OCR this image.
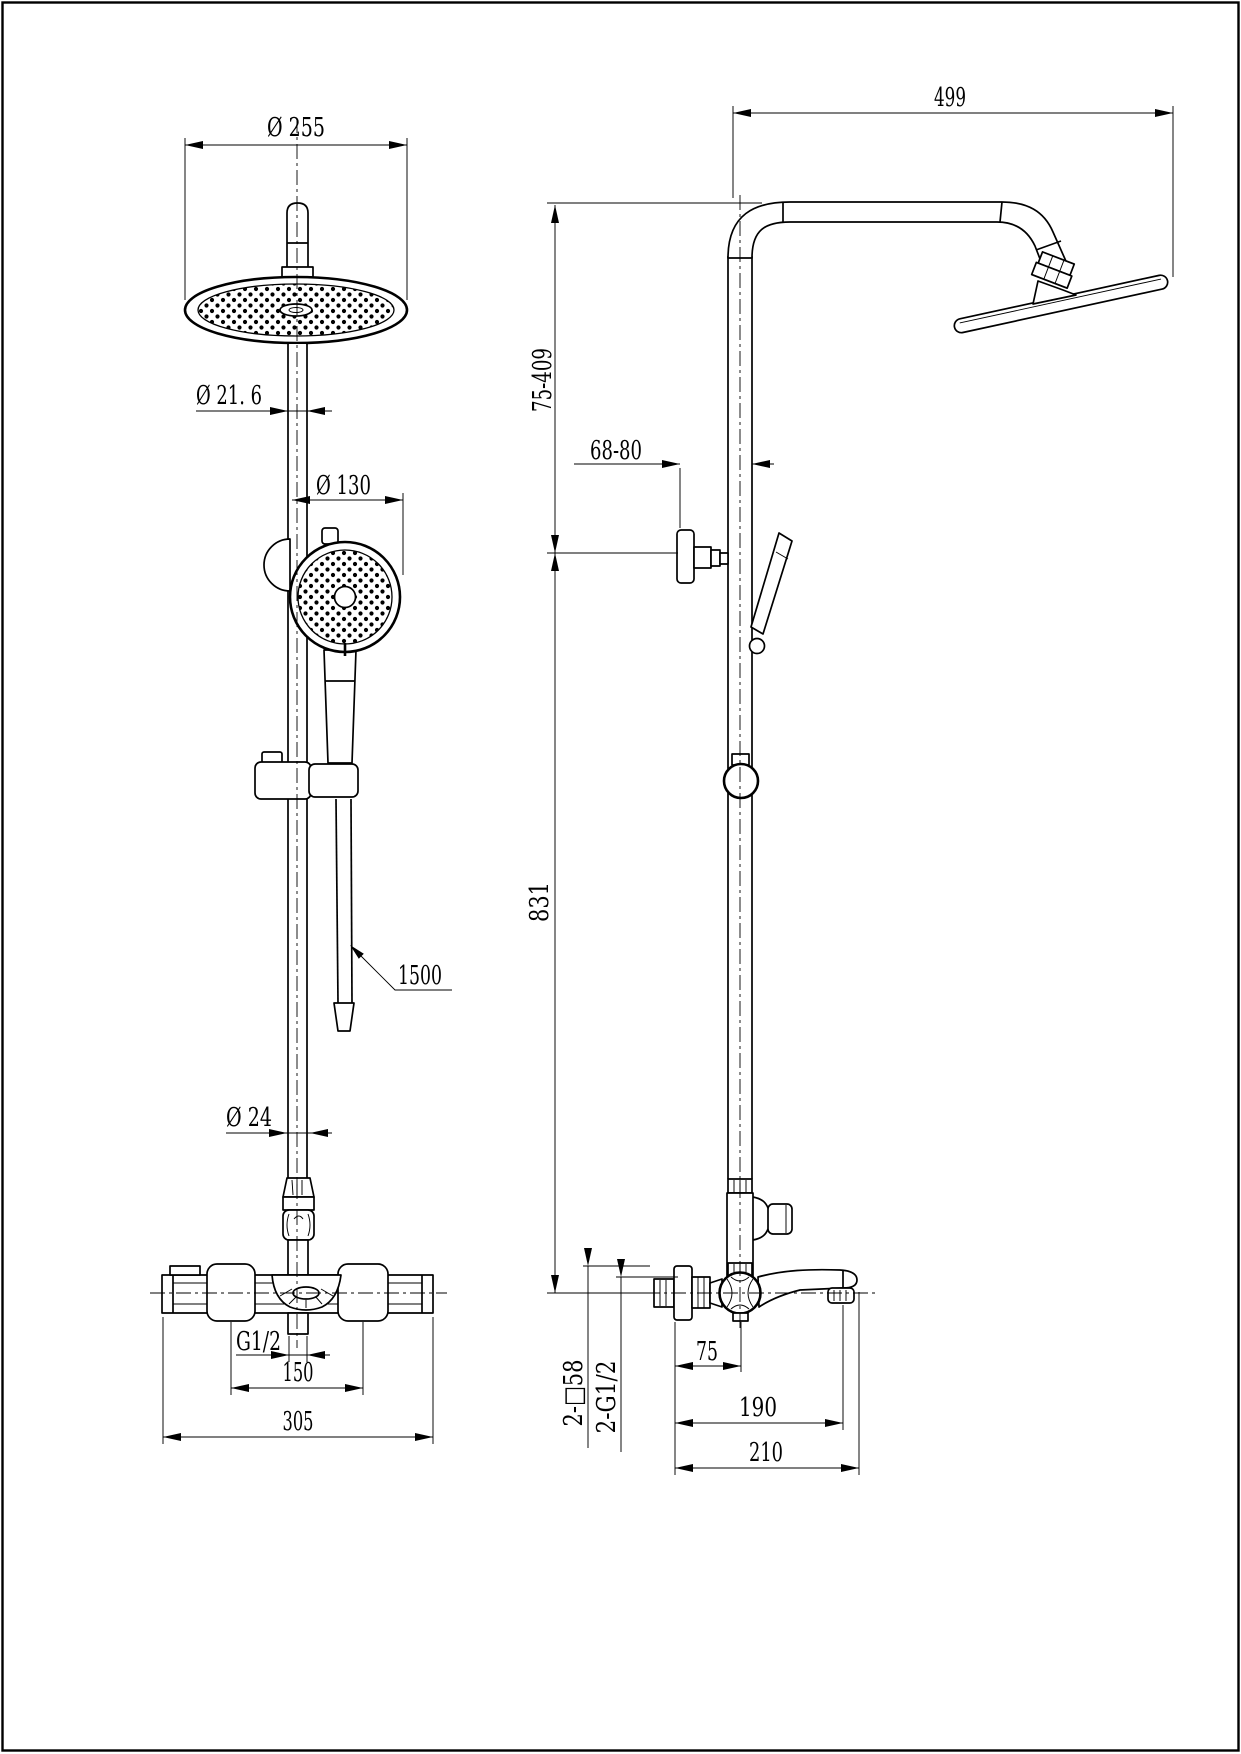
Ø 255
Ø 21. 6
Ø 130
1500
Ø 24
G1/2
150
305
499
75-409
831
68-80
75
190
210
2-□58 2-G1/2
